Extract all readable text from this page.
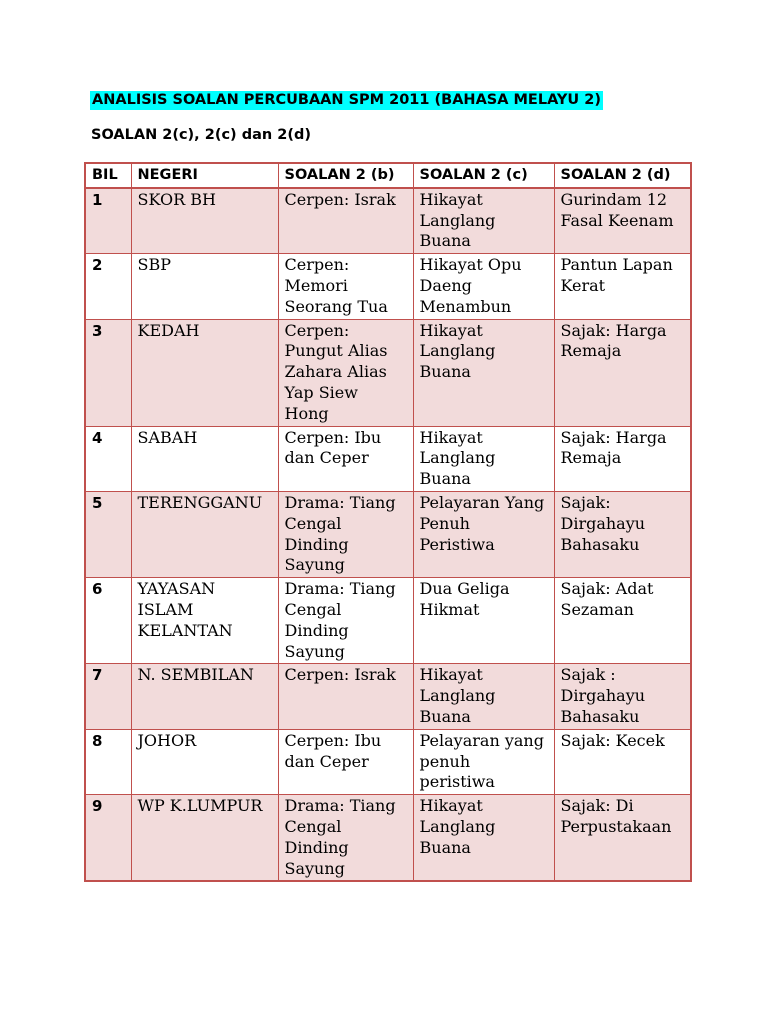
ANALISIS SOALAN PERCUBAAN SPM 2011 (BAHASA MELAYU 2)
SOALAN 2(c), 2(c) dan 2(d)
BIL	NEGERI	SOALAN 2 (b)	SOALAN 2 (c)	SOALAN 2 (d)
1	SKOR BH	Cerpen: Israk	Hikayat Langlang Buana	Gurindam 12 Fasal Keenam
2	SBP	Cerpen: Memori Seorang Tua	Hikayat Opu Daeng Menambun	Pantun Lapan Kerat
3	KEDAH	Cerpen: Pungut Alias Zahara Alias Yap Siew Hong	Hikayat Langlang Buana	Sajak: Harga Remaja
4	SABAH	Cerpen: Ibu dan Ceper	Hikayat Langlang Buana	Sajak: Harga Remaja
5	TERENGGANU	Drama: Tiang Cengal Dinding Sayung	Pelayaran Yang Penuh Peristiwa	Sajak: Dirgahayu Bahasaku
6	YAYASAN ISLAM KELANTAN	Drama: Tiang Cengal Dinding Sayung	Dua Geliga Hikmat	Sajak: Adat Sezaman
7	N. SEMBILAN	Cerpen: Israk	Hikayat Langlang Buana	Sajak : Dirgahayu Bahasaku
8	JOHOR	Cerpen: Ibu dan Ceper	Pelayaran yang penuh peristiwa	Sajak: Kecek
9	WP K.LUMPUR	Drama: Tiang Cengal Dinding Sayung	Hikayat Langlang Buana	Sajak: Di Perpustakaan
